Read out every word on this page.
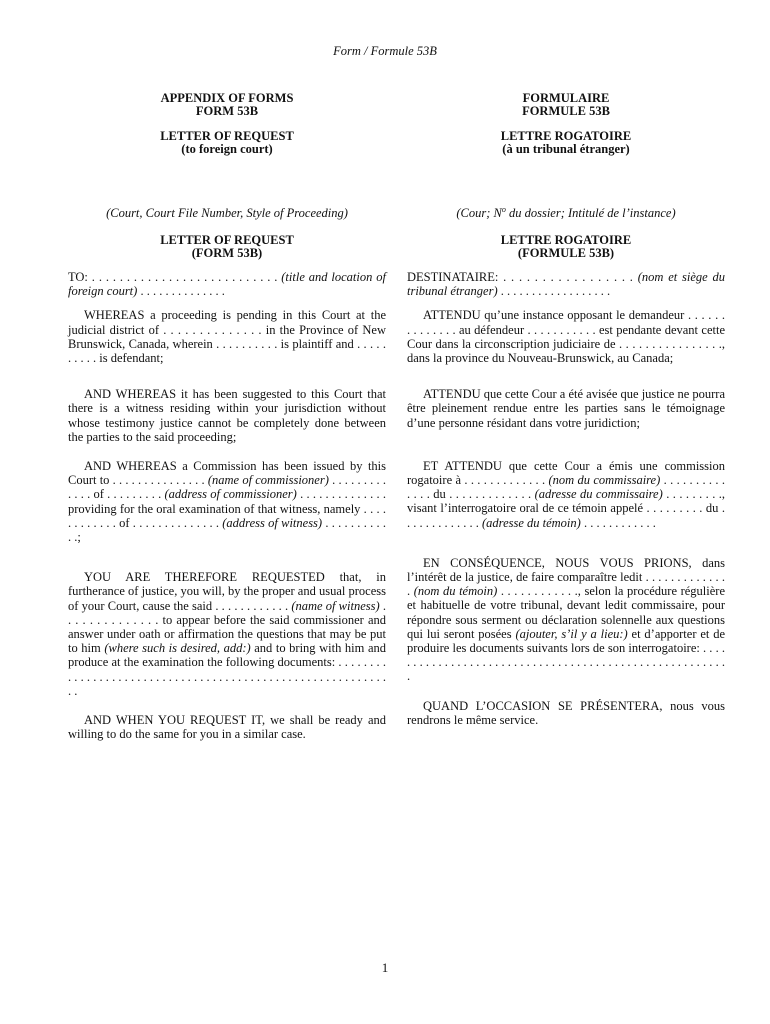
Form / Formule 53B
APPENDIX OF FORMS
FORM 53B
LETTER OF REQUEST
(to foreign court)
(Court, Court File Number, Style of Proceeding)
LETTER OF REQUEST
(FORM 53B)

TO: . . . . . . . . . . . . . . . . . . . . . . . . . . . (title and location of foreign court) . . . . . . . . . . . . . .

WHEREAS a proceeding is pending in this Court at the judicial district of . . . . . . . . . . . . . . in the Province of New Brunswick, Canada, wherein . . . . . . . . . . is plaintiff and . . . . . . . . . . is defendant;

AND WHEREAS it has been suggested to this Court that there is a witness residing within your jurisdiction without whose testimony justice cannot be completely done between the parties to the said proceeding;

AND WHEREAS a Commission has been issued by this Court to . . . . . . . . . . . . . . . (name of commissioner) . . . . . . . . . . . . . of . . . . . . . . . (address of commissioner) . . . . . . . . . . . . . . providing for the oral examination of that witness, namely . . . . . . . . . . . . of . . . . . . . . . . . . . . (address of witness) . . . . . . . . . . . .;

YOU ARE THEREFORE REQUESTED that, in furtherance of justice, you will, by the proper and usual process of your Court, cause the said . . . . . . . . . . . . (name of witness) . . . . . . . . . . . . . . to appear before the said commissioner and answer under oath or affirmation the questions that may be put to him (where such is desired, add:) and to bring with him and produce at the examination the following documents: . . . . . . . . . . . . . . . . . . . . . . . . . . . . . . . . . . . . . . . . . . . . . . . . . . . . . . . . . . . . .

AND WHEN YOU REQUEST IT, we shall be ready and willing to do the same for you in a similar case.

FORMULAIRE
FORMULE 53B
LETTRE ROGATOIRE
(à un tribunal étranger)
(Cour; $N^o$ du dossier; Intitulé de l’instance)
LETTRE ROGATOIRE
(FORMULE 53B)

DESTINATAIRE: . . . . . . . . . . . . . . . . . (nom et siège du tribunal étranger) . . . . . . . . . . . . . . . . . .

ATTENDU qu’une instance opposant le demandeur . . . . . . . . . . . . . . au défendeur . . . . . . . . . . . est pendante devant cette Cour dans la circonscription judiciaire de . . . . . . . . . . . . . . . ., dans la province du Nouveau-Brunswick, au Canada;

ATTENDU que cette Cour a été avisée que justice ne pourra être pleinement rendue entre les parties sans le témoignage d’une personne résidant dans votre juridiction;

ET ATTENDU que cette Cour a émis une commission rogatoire à . . . . . . . . . . . . . (nom du commissaire) . . . . . . . . . . . . . . du . . . . . . . . . . . . . (adresse du commissaire) . . . . . . . . ., visant l’interrogatoire oral de ce témoin appelé . . . . . . . . . du . . . . . . . . . . . . . (adresse du témoin) . . . . . . . . . . . .

EN CONSÉQUENCE, NOUS VOUS PRIONS, dans l’intérêt de la justice, de faire comparaître ledit . . . . . . . . . . . . . . (nom du témoin) . . . . . . . . . . . ., selon la procédure régulière et habituelle de votre tribunal, devant ledit commissaire, pour répondre sous serment ou déclaration solennelle aux questions qui lui seront posées (ajouter, s’il y a lieu:) et d’apporter et de produire les documents suivants lors de son interrogatoire: . . . . . . . . . . . . . . . . . . . . . . . . . . . . . . . . . . . . . . . . . . . . . . . . . . . . . . . .

QUAND L’OCCASION SE PRÉSENTERA, nous vous rendrons le même service.

1
